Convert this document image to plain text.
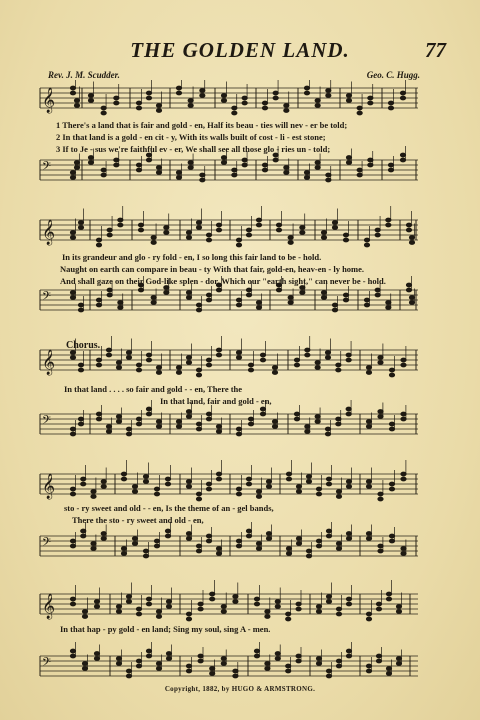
THE GOLDEN LAND.	77
Rev. J. M. Scudder.	Geo. C. Hugg.
𝄞
𝄢
𝄞
𝄢
𝄞
𝄢
𝄞
𝄢
𝄞
𝄢
1 There's a land that is fair and gold - en, Half its beau - ties will nev - er be told;
2 In that land is a gold - en cit - y, With its walls built of cost - li - est stone;
3 If to Je - sus we're faithful ev - er, We shall see all those glo - ries un - told;
In its grandeur and glo - ry fold - en, I so long this fair land to be - hold.
Naught on earth can compare in beau - ty With that fair, gold-en, heav-en - ly home.
And shall gaze on their God-like splen - dor, Which our "earth sight," can never be - hold.
Chorus.
In that land . . . . so fair and gold - - en, There the
In that land, fair and gold - en,
sto - ry sweet and old - - en, Is the theme of an - gel bands,
There the sto - ry sweet and old - en,
In that hap - py gold - en land; Sing my soul, sing A - men.
Copyright, 1882, by HUGO & ARMSTRONG.
